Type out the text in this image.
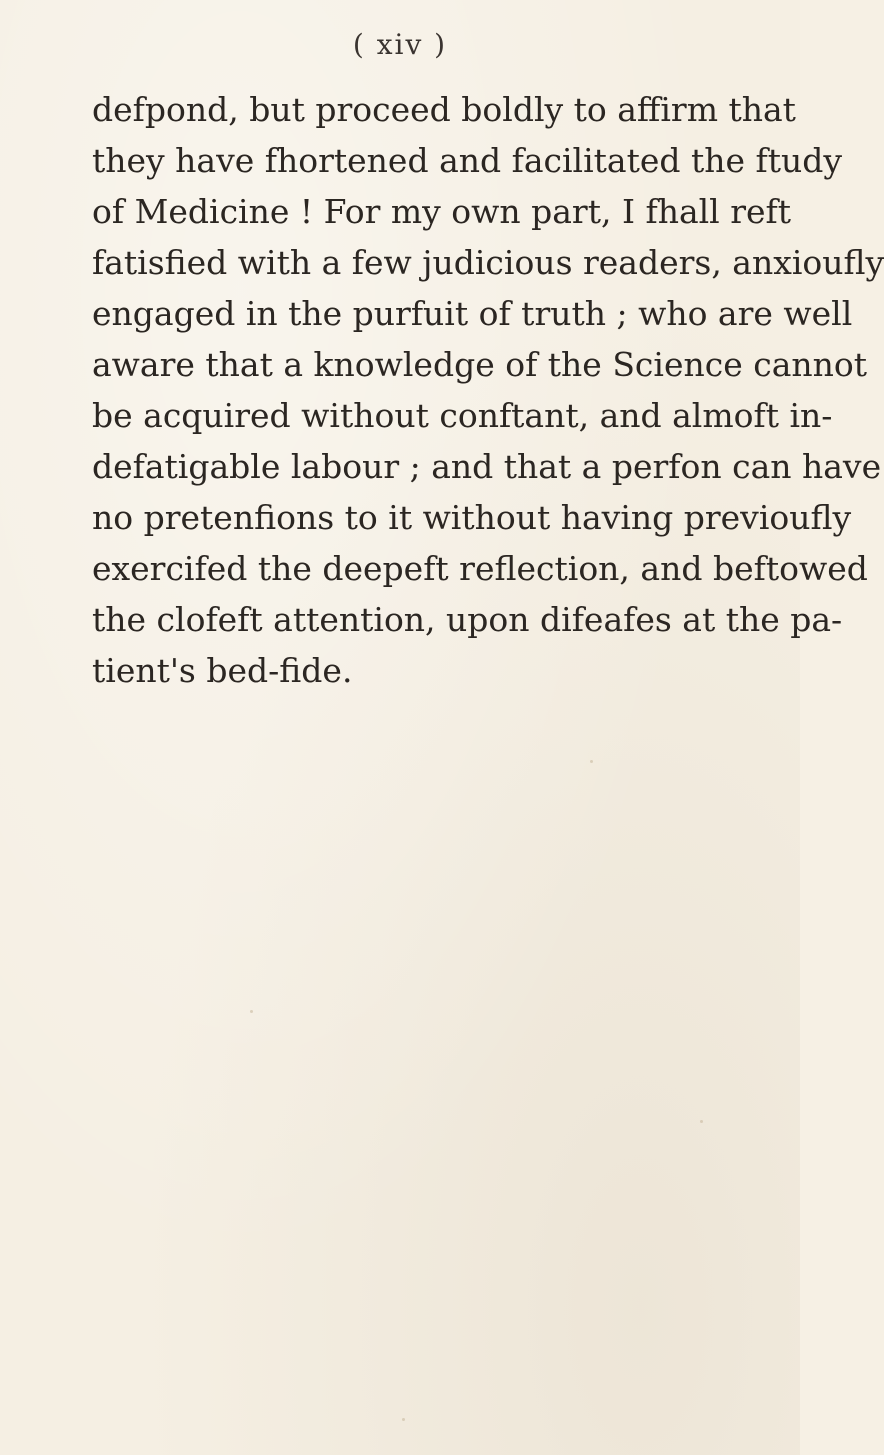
( xiv )
defpond, but proceed boldly to affirm that
they have fhortened and facilitated the ftudy
of Medicine ! For my own part, I fhall reft
fatisfied with a few judicious readers, anxioufly
engaged in the purfuit of truth ; who are well
aware that a knowledge of the Science cannot
be acquired without conftant, and almoft in-
defatigable labour ; and that a perfon can have
no pretenfions to it without having previoufly
exercifed the deepeft reflection, and beftowed
the clofeft attention, upon difeafes at the pa-
tient's bed-fide.
